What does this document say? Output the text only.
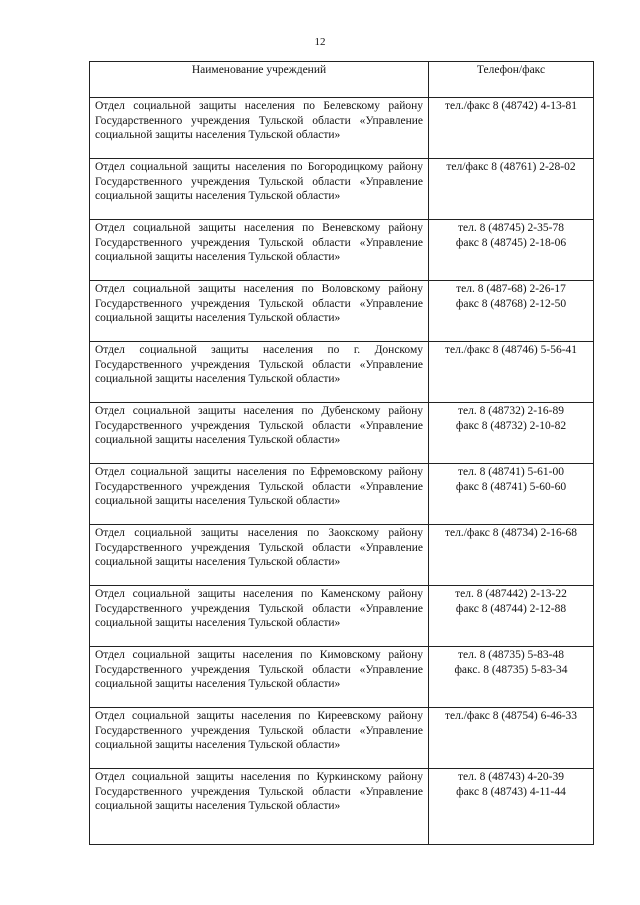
12
Наименование учреждений	Телефон/факс
Отдел социальной защиты населения по Белевскому району Государственного учреждения Тульской области «Управление социальной защиты населения Тульской области»	тел./факс 8 (48742) 4-13-81

Отдел социальной защиты населения по Богородицкому району Государственного учреждения Тульской области «Управление социальной защиты населения Тульской области»	тел/факс 8 (48761) 2-28-02

Отдел социальной защиты населения по Веневскому району Государственного учреждения Тульской области «Управление социальной защиты населения Тульской области»	тел. 8 (48745) 2-35-78
факс 8 (48745) 2-18-06

Отдел социальной защиты населения по Воловскому району Государственного учреждения Тульской области «Управление социальной защиты населения Тульской области»	тел. 8 (487-68) 2-26-17
факс 8 (48768) 2-12-50

Отдел социальной защиты населения по г. Донскому Государственного учреждения Тульской области «Управление социальной защиты населения Тульской области»	тел./факс 8 (48746) 5-56-41

Отдел социальной защиты населения по Дубенскому району Государственного учреждения Тульской области «Управление социальной защиты населения Тульской области»	тел. 8 (48732) 2-16-89
факс 8 (48732) 2-10-82

Отдел социальной защиты населения по Ефремовскому району Государственного учреждения Тульской области «Управление социальной защиты населения Тульской области»	тел. 8 (48741) 5-61-00
факс 8 (48741) 5-60-60

Отдел социальной защиты населения по Заокскому району Государственного учреждения Тульской области «Управление социальной защиты населения Тульской области»	тел./факс 8 (48734) 2-16-68

Отдел социальной защиты населения по Каменскому району Государственного учреждения Тульской области «Управление социальной защиты населения Тульской области»	тел. 8 (487442) 2-13-22
факс 8 (48744) 2-12-88

Отдел социальной защиты населения по Кимовскому району Государственного учреждения Тульской области «Управление социальной защиты населения Тульской области»	тел. 8 (48735) 5-83-48
факс. 8 (48735) 5-83-34

Отдел социальной защиты населения по Киреевскому району Государственного учреждения Тульской области «Управление социальной защиты населения Тульской области»	тел./факс 8 (48754) 6-46-33

Отдел социальной защиты населения по Куркинскому району Государственного учреждения Тульской области «Управление социальной защиты населения Тульской области»	тел. 8 (48743) 4-20-39
факс 8 (48743) 4-11-44
